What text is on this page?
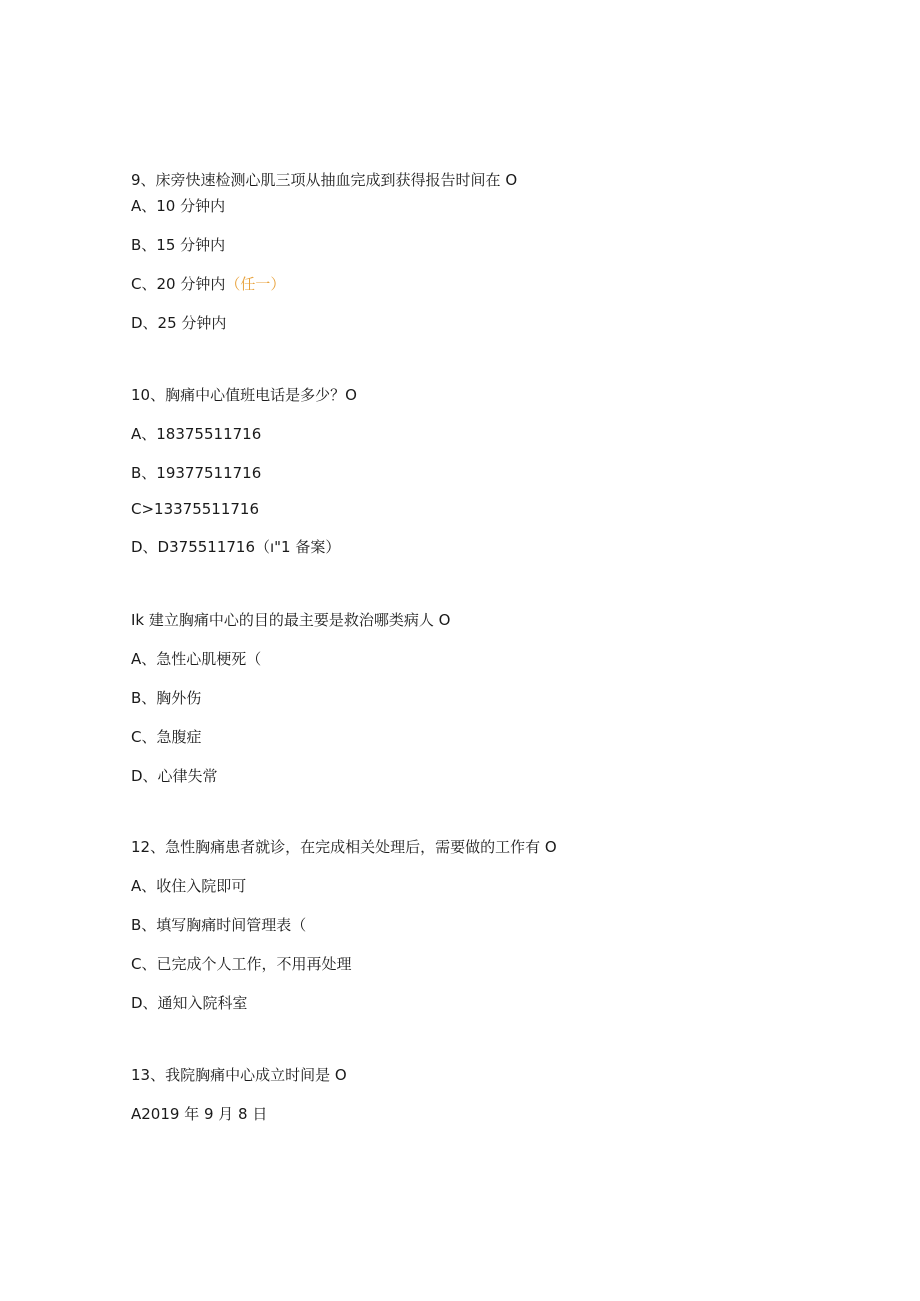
9、床旁快速检测心肌三项从抽血完成到获得报告时间在 O
A、10 分钟内
B、15 分钟内
C、20 分钟内（任一）
D、25 分钟内
10、胸痛中心值班电话是多少？O
A、18375511716
B、19377511716
C>13375511716
D、D375511716（ı"1 备案）
Ik 建立胸痛中心的目的最主要是救治哪类病人 O
A、急性心肌梗死（
B、胸外伤
C、急腹症
D、心律失常
12、急性胸痛患者就诊，在完成相关处理后，需要做的工作有 O
A、收住入院即可
B、填写胸痛时间管理表（
C、已完成个人工作，不用再处理
D、通知入院科室
13、我院胸痛中心成立时间是 O
A2019 年 9 月 8 日
